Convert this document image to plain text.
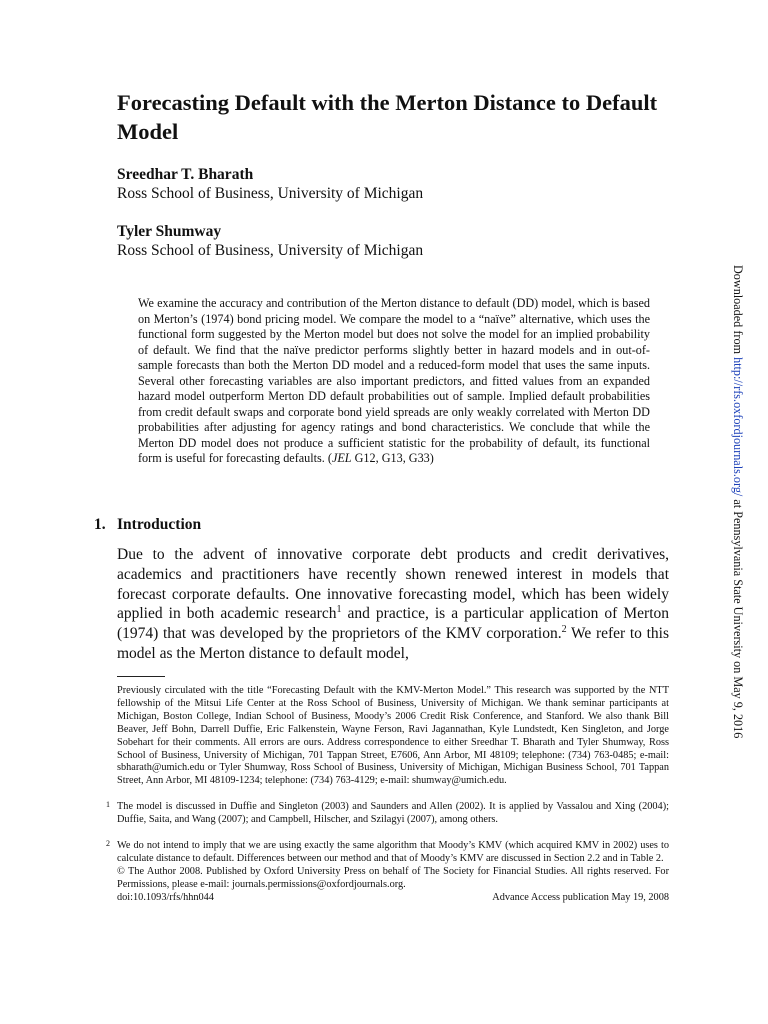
Forecasting Default with the Merton Distance to Default Model
Sreedhar T. Bharath
Ross School of Business, University of Michigan
Tyler Shumway
Ross School of Business, University of Michigan

We examine the accuracy and contribution of the Merton distance to default (DD) model, which is based on Merton’s (1974) bond pricing model. We compare the model to a “naïve” alternative, which uses the functional form suggested by the Merton model but does not solve the model for an implied probability of default. We find that the naïve predictor performs slightly better in hazard models and in out-of-sample forecasts than both the Merton DD model and a reduced-form model that uses the same inputs. Several other forecasting variables are also important predictors, and fitted values from an expanded hazard model outperform Merton DD default probabilities out of sample. Implied default probabilities from credit default swaps and corporate bond yield spreads are only weakly correlated with Merton DD probabilities after adjusting for agency ratings and bond characteristics. We conclude that while the Merton DD model does not produce a sufficient statistic for the probability of default, its functional form is useful for forecasting defaults. (JEL G12, G13, G33)

1. Introduction

Due to the advent of innovative corporate debt products and credit derivatives, academics and practitioners have recently shown renewed interest in models that forecast corporate defaults. One innovative forecasting model, which has been widely applied in both academic research$^1$ and practice, is a particular application of Merton (1974) that was developed by the proprietors of the KMV corporation.$^2$ We refer to this model as the Merton distance to default model,

Previously circulated with the title “Forecasting Default with the KMV-Merton Model.” This research was supported by the NTT fellowship of the Mitsui Life Center at the Ross School of Business, University of Michigan. We thank seminar participants at Michigan, Boston College, Indian School of Business, Moody’s 2006 Credit Risk Conference, and Stanford. We also thank Bill Beaver, Jeff Bohn, Darrell Duffie, Eric Falkenstein, Wayne Ferson, Ravi Jagannathan, Kyle Lundstedt, Ken Singleton, and Jorge Sobehart for their comments. All errors are ours. Address correspondence to either Sreedhar T. Bharath and Tyler Shumway, Ross School of Business, University of Michigan, 701 Tappan Street, E7606, Ann Arbor, MI 48109; telephone: (734) 763-0485; e-mail: sbharath@umich.edu or Tyler Shumway, Ross School of Business, University of Michigan, Michigan Business School, 701 Tappan Street, Ann Arbor, MI 48109-1234; telephone: (734) 763-4129; e-mail: shumway@umich.edu.

1 The model is discussed in Duffie and Singleton (2003) and Saunders and Allen (2002). It is applied by Vassalou and Xing (2004); Duffie, Saita, and Wang (2007); and Campbell, Hilscher, and Szilagyi (2007), among others.

2 We do not intend to imply that we are using exactly the same algorithm that Moody’s KMV (which acquired KMV in 2002) uses to calculate distance to default. Differences between our method and that of Moody’s KMV are discussed in Section 2.2 and in Table 2.

© The Author 2008. Published by Oxford University Press on behalf of The Society for Financial Studies. All rights reserved. For Permissions, please e-mail: journals.permissions@oxfordjournals.org.

doi:10.1093/rfs/hhn044	Advance Access publication May 19, 2008
Downloaded from http://rfs.oxfordjournals.org/ at Pennsylvania State University on May 9, 2016
